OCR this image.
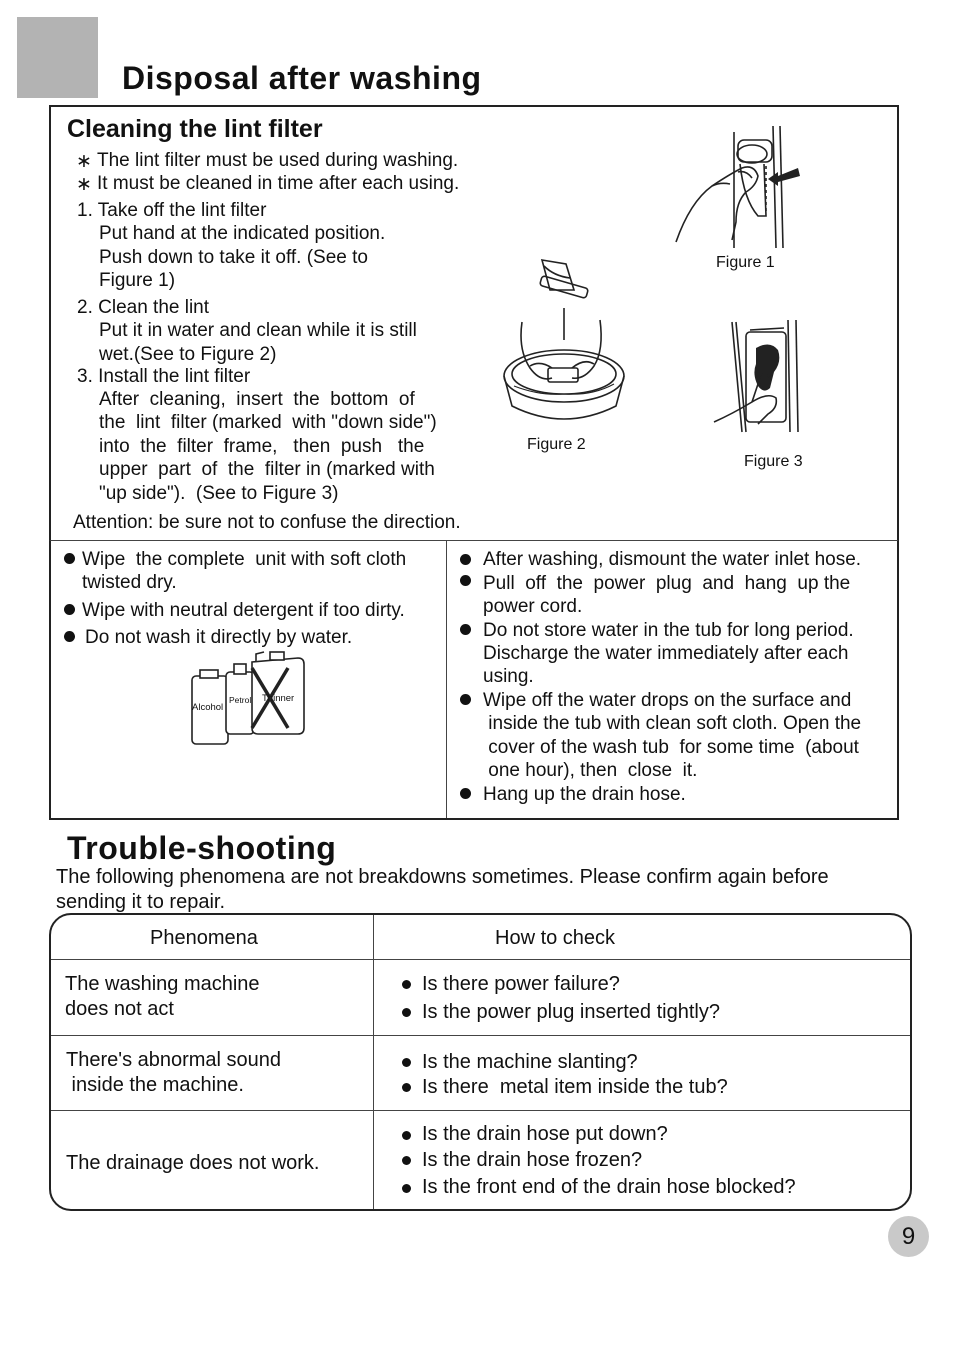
Disposal after washing
Cleaning the lint filter
∗ The lint filter must be used during washing.
∗ It must be cleaned in time after each using.
1. Take off the lint filter
Put hand at the indicated position.
Push down to take it off. (See to
Figure 1)
2. Clean the lint
Put it in water and clean while it is still
wet.(See to Figure 2)
3. Install the lint filter
After  cleaning,  insert  the  bottom  of
the  lint  filter (marked  with "down side")
into  the  filter  frame,   then  push   the
upper  part  of  the  filter in (marked with
"up side").  (See to Figure 3)
Attention: be sure not to confuse the direction.
Figure 1
Figure 2
Figure 3
Wipe  the complete  unit with soft cloth
twisted dry.
Wipe with neutral detergent if too dirty.
Do not wash it directly by water.
Alcohol
Petrol Thinner
After washing, dismount the water inlet hose.
Pull  off  the  power  plug  and  hang  up the
power cord.
Do not store water in the tub for long period.
Discharge the water immediately after each
using.
Wipe off the water drops on the surface and
inside the tub with clean soft cloth. Open the
cover of the wash tub  for some time  (about
one hour), then  close  it.
Hang up the drain hose.
Trouble-shooting
The following phenomena are not breakdowns sometimes. Please confirm again before
sending it to repair.
Phenomena	How to check
The washing machine
does not act
Is there power failure?
Is the power plug inserted tightly?
There's abnormal sound
inside the machine.
Is the machine slanting?
Is there  metal item inside the tub?
The drainage does not work.
Is the drain hose put down?
Is the drain hose frozen?
Is the front end of the drain hose blocked?
9
